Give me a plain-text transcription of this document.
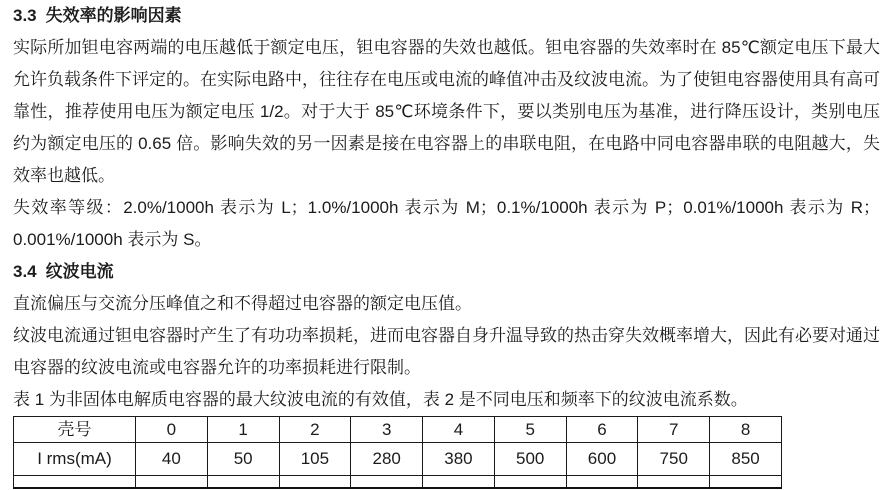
3.3 失效率的影响因素

实际所加钽电容两端的电压越低于额定电压，钽电容器的失效也越低。钽电容器的失效率时在 85℃额定电压下最大允许负载条件下评定的。在实际电路中，往往存在电压或电流的峰值冲击及纹波电流。为了使钽电容器使用具有高可靠性，推荐使用电压为额定电压 1/2。对于大于 85℃环境条件下，要以类别电压为基准，进行降压设计，类别电压约为额定电压的 0.65 倍。影响失效的另一因素是接在电容器上的串联电阻，在电路中同电容器串联的电阻越大，失效率也越低。

失效率等级：2.0%/1000h 表示为 L；1.0%/1000h 表示为 M；0.1%/1000h 表示为 P；0.01%/1000h 表示为 R；0.001%/1000h 表示为 S。

3.4 纹波电流

直流偏压与交流分压峰值之和不得超过电容器的额定电压值。

纹波电流通过钽电容器时产生了有功功率损耗，进而电容器自身升温导致的热击穿失效概率增大，因此有必要对通过电容器的纹波电流或电容器允许的功率损耗进行限制。

表 1 为非固体电解质电容器的最大纹波电流的有效值，表 2 是不同电压和频率下的纹波电流系数。

壳号	0	1	2	3	4	5	6	7	8
I rms(mA)	40	50	105	280	380	500	600	750	850
